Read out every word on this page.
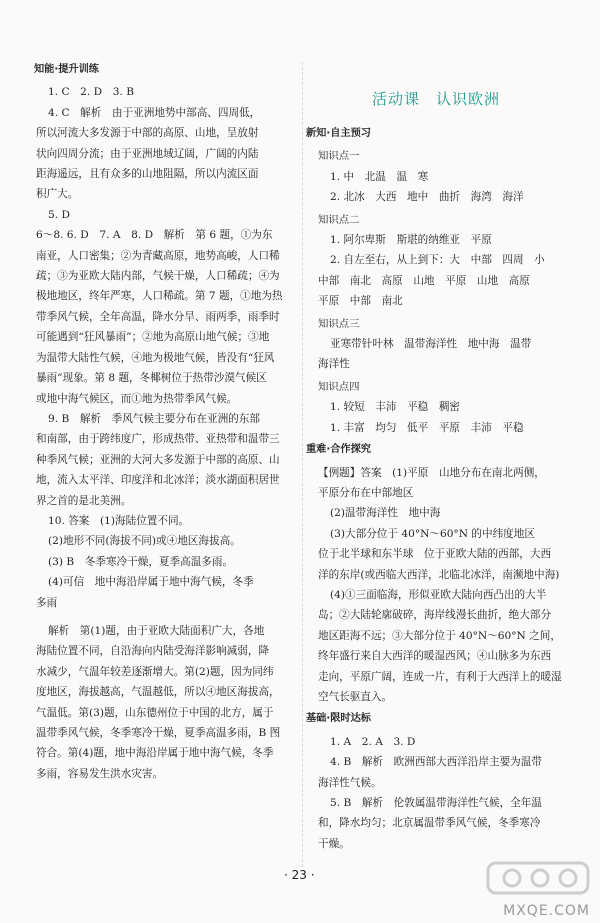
知能·提升训练
1. C　2. D　3. B
4. C　解析　由于亚洲地势中部高、四周低，
所以河流大多发源于中部的高原、山地，呈放射
状向四周分流；由于亚洲地域辽阔，广阔的内陆
距海遥远，且有众多的山地阻隔，所以内流区面
积广大。
5. D
6～8. 6. D　7. A　8. D　解析　第 6 题，①为东
南亚，人口密集；②为青藏高原，地势高峻，人口稀
疏；③为亚欧大陆内部，气候干燥，人口稀疏；④为
极地地区，终年严寒，人口稀疏。第 7 题，①地为热
带季风气候，全年高温，降水分旱、雨两季，雨季时
可能遇到“狂风暴雨”；②地为高原山地气候；③地
为温带大陆性气候，④地为极地气候，皆没有“狂风
暴雨”现象。第 8 题，冬椰树位于热带沙漠气候区
或地中海气候区，而①地为热带季风气候。
9. B　解析　季风气候主要分布在亚洲的东部
和南部，由于跨纬度广，形成热带、亚热带和温带三
种季风气候；亚洲的大河大多发源于中部的高原、山
地，流入太平洋、印度洋和北冰洋；淡水湖面积居世
界之首的是北美洲。
10. 答案　(1)海陆位置不同。
(2)地形不同(海拔不同)或④地区海拔高。
(3) B　冬季寒冷干燥，夏季高温多雨。
(4)可信　地中海沿岸属于地中海气候，冬季
多雨
解析　第(1)题，由于亚欧大陆面积广大，各地
海陆位置不同，自沿海向内陆受海洋影响减弱，降
水减少，气温年较差逐渐增大。第(2)题，因为同纬
度地区，海拔越高，气温越低，所以④地区海拔高，
气温低。第(3)题，山东德州位于中国的北方，属于
温带季风气候，冬季寒冷干燥，夏季高温多雨，B 图
符合。第(4)题，地中海沿岸属于地中海气候，冬季
多雨，容易发生洪水灾害。
活动课　认识欧洲
新知·自主预习
知识点一
1. 中　北温　温　寒
2. 北冰　大西　地中　曲折　海湾　海洋
知识点二
1. 阿尔卑斯　斯堪的纳维亚　平原
2. 自左至右，从上到下：大　中部　四周　小
中部　南北　高原　山地　平原　山地　高原
平原　中部　南北
知识点三
亚寒带针叶林　温带海洋性　地中海　温带
海洋性
知识点四
1. 较短　丰沛　平稳　稠密
1. 丰富　均匀　低平　平原　丰沛　平稳
重难·合作探究
【例题】答案　(1)平原　山地分布在南北两侧，
平原分布在中部地区
(2)温带海洋性　地中海
(3)大部分位于 40°N～60°N 的中纬度地区
位于北半球和东半球　位于亚欧大陆的西部，大西
洋的东岸(或西临大西洋，北临北冰洋，南濒地中海)
(4)①三面临海，形似亚欧大陆向西凸出的大半
岛；②大陆轮廓破碎，海岸线漫长曲折，绝大部分
地区距海不远；③大部分位于 40°N～60°N 之间，
终年盛行来自大西洋的暖湿西风；④山脉多为东西
走向，平原广阔，连成一片，有利于大西洋上的暖湿
空气长驱直入。
基础·限时达标
1. A　2. A　3. D
4. B　解析　欧洲西部大西洋沿岸主要为温带
海洋性气候。
5. B　解析　伦敦属温带海洋性气候，全年温
和，降水均匀；北京属温带季风气候，冬季寒冷
干燥。
· 23 ·
MXQE.COM
